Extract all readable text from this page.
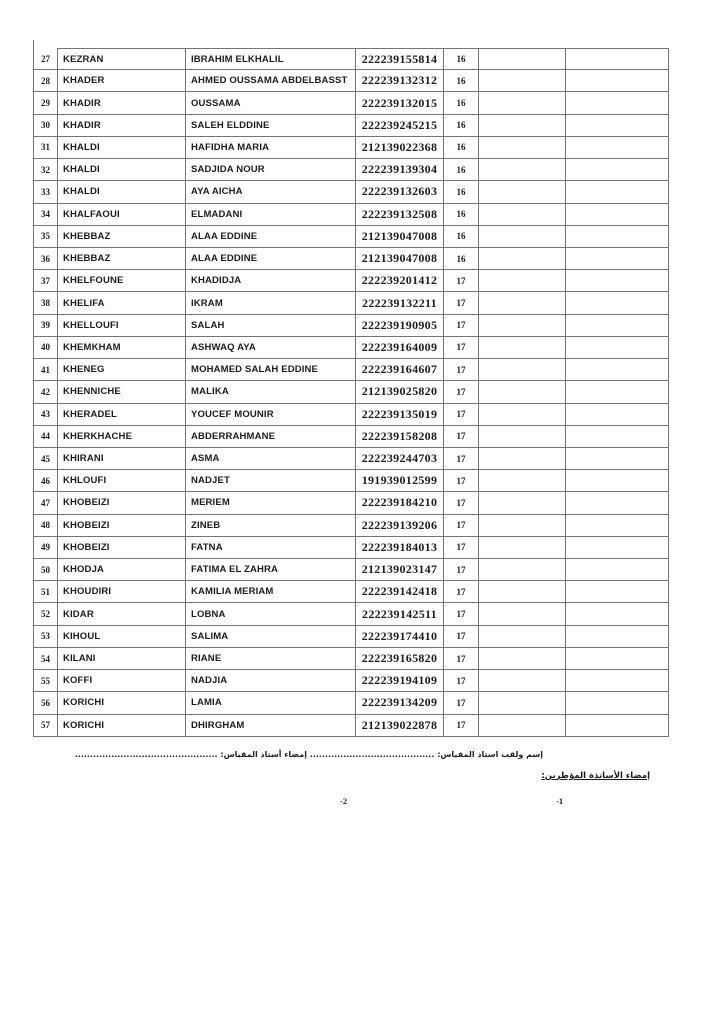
27	KEZRAN	IBRAHIM ELKHALIL	222239155814	16
28	KHADER	AHMED OUSSAMA ABDELBASST	222239132312	16
29	KHADIR	OUSSAMA	222239132015	16
30	KHADIR	SALEH ELDDINE	222239245215	16
31	KHALDI	HAFIDHA MARIA	212139022368	16
32	KHALDI	SADJIDA NOUR	222239139304	16
33	KHALDI	AYA AICHA	222239132603	16
34	KHALFAOUI	ELMADANI	222239132508	16
35	KHEBBAZ	ALAA EDDINE	212139047008	16
36	KHEBBAZ	ALAA EDDINE	212139047008	16
37	KHELFOUNE	KHADIDJA	222239201412	17
38	KHELIFA	IKRAM	222239132211	17
39	KHELLOUFI	SALAH	222239190905	17
40	KHEMKHAM	ASHWAQ AYA	222239164009	17
41	KHENEG	MOHAMED SALAH EDDINE	222239164607	17
42	KHENNICHE	MALIKA	212139025820	17
43	KHERADEL	YOUCEF MOUNIR	222239135019	17
44	KHERKHACHE	ABDERRAHMANE	222239158208	17
45	KHIRANI	ASMA	222239244703	17
46	KHLOUFI	NADJET	191939012599	17
47	KHOBEIZI	MERIEM	222239184210	17
48	KHOBEIZI	ZINEB	222239139206	17
49	KHOBEIZI	FATNA	222239184013	17
50	KHODJA	FATIMA EL ZAHRA	212139023147	17
51	KHOUDIRI	KAMILIA MERIAM	222239142418	17
52	KIDAR	LOBNA	222239142511	17
53	KIHOUL	SALIMA	222239174410	17
54	KILANI	RIANE	222239165820	17
55	KOFFI	NADJIA	222239194109	17
56	KORICHI	LAMIA	222239134209	17
57	KORICHI	DHIRGHAM	212139022878	17
إسم ولقب استاذ المقياس: ......................................... إمضاء أستاذ المقياس: ...............................................
إمضاء الأساتذة المؤطرين:
-2	-1
